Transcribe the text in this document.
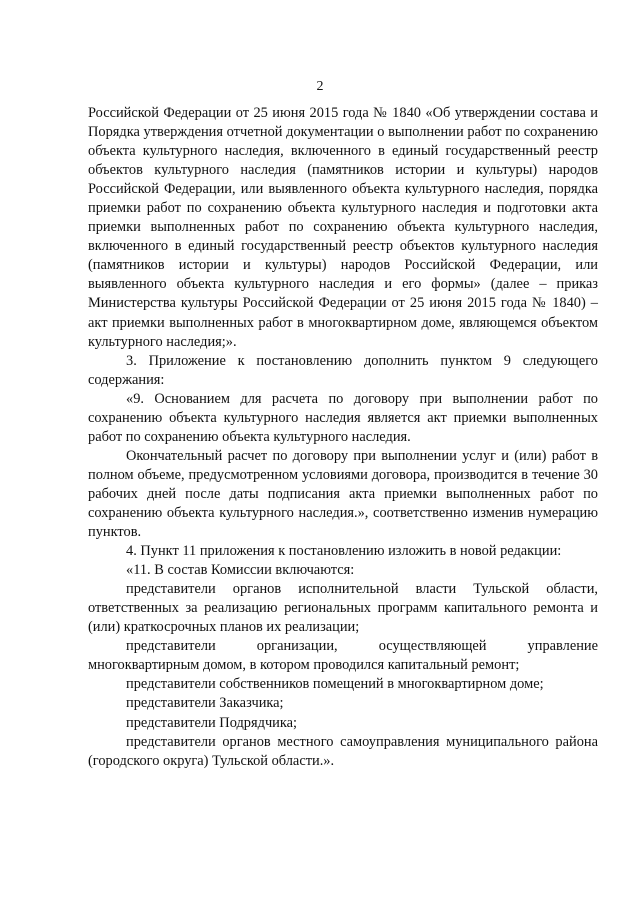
2

Российской Федерации от 25 июня 2015 года № 1840 «Об утверждении состава и Порядка утверждения отчетной документации о выполнении работ по сохранению объекта культурного наследия, включенного в единый государственный реестр объектов культурного наследия (памятников истории и культуры) народов Российской Федерации, или выявленного объекта культурного наследия, порядка приемки работ по сохранению объекта культурного наследия и подготовки акта приемки выполненных работ по сохранению объекта культурного наследия, включенного в единый государственный реестр объектов культурного наследия (памятников истории и культуры) народов Российской Федерации, или выявленного объекта культурного наследия и его формы» (далее – приказ Министерства культуры Российской Федерации от 25 июня 2015 года № 1840) – акт приемки выполненных работ в многоквартирном доме, являющемся объектом культурного наследия;».

3. Приложение к постановлению дополнить пунктом 9 следующего содержания:

«9. Основанием для расчета по договору при выполнении работ по сохранению объекта культурного наследия является акт приемки выполненных работ по сохранению объекта культурного наследия.

Окончательный расчет по договору при выполнении услуг и (или) работ в полном объеме, предусмотренном условиями договора, производится в течение 30 рабочих дней после даты подписания акта приемки выполненных работ по сохранению объекта культурного наследия.», соответственно изменив нумерацию пунктов.

4. Пункт 11 приложения к постановлению изложить в новой редакции:

«11. В состав Комиссии включаются:

представители органов исполнительной власти Тульской области, ответственных за реализацию региональных программ капитального ремонта и (или) краткосрочных планов их реализации;

представители организации, осуществляющей управление многоквартирным домом, в котором проводился капитальный ремонт;

представители собственников помещений в многоквартирном доме;

представители Заказчика;

представители Подрядчика;

представители органов местного самоуправления муниципального района (городского округа) Тульской области.».
